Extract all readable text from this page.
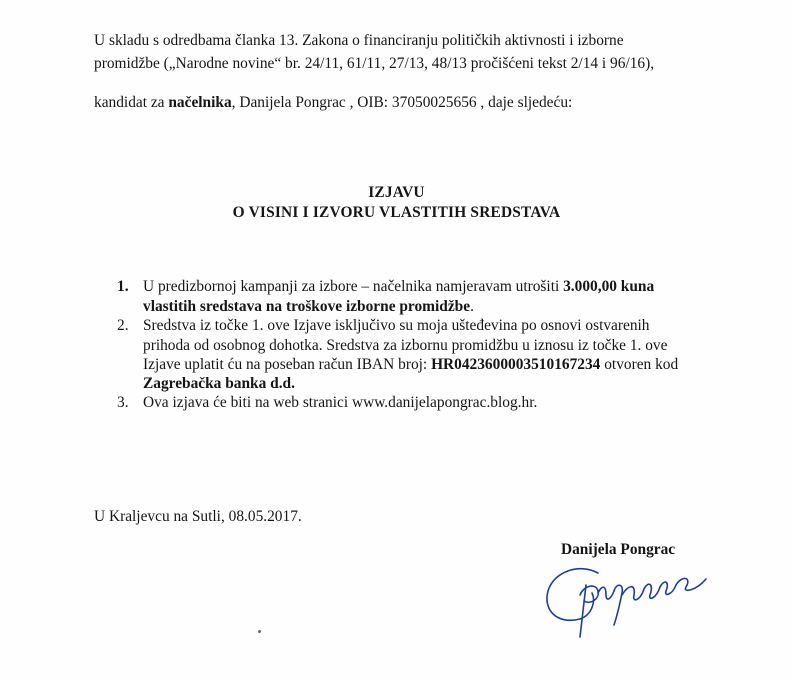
U skladu s odredbama članka 13. Zakona o financiranju političkih aktivnosti i izborne
promidžbe („Narodne novine“ br. 24/11, 61/11, 27/13, 48/13 pročišćeni tekst 2/14 i 96/16),
kandidat za načelnika, Danijela Pongrac , OIB: 37050025656 , daje sljedeću:
IZJAVU
O VISINI I IZVORU VLASTITIH SREDSTAVA
1. U predizbornoj kampanji za izbore – načelnika namjeravam utrošiti 3.000,00 kuna
vlastitih sredstava na troškove izborne promidžbe.
2. Sredstva iz točke 1. ove Izjave isključivo su moja ušteđevina po osnovi ostvarenih
prihoda od osobnog dohotka. Sredstva za izbornu promidžbu u iznosu iz točke 1. ove
Izjave uplatit ću na poseban račun IBAN broj: HR0423600003510167234 otvoren kod
Zagrebačka banka d.d.
3. Ova izjava će biti na web stranici www.danijelapongrac.blog.hr.
U Kraljevcu na Sutli, 08.05.2017.
Danijela Pongrac
